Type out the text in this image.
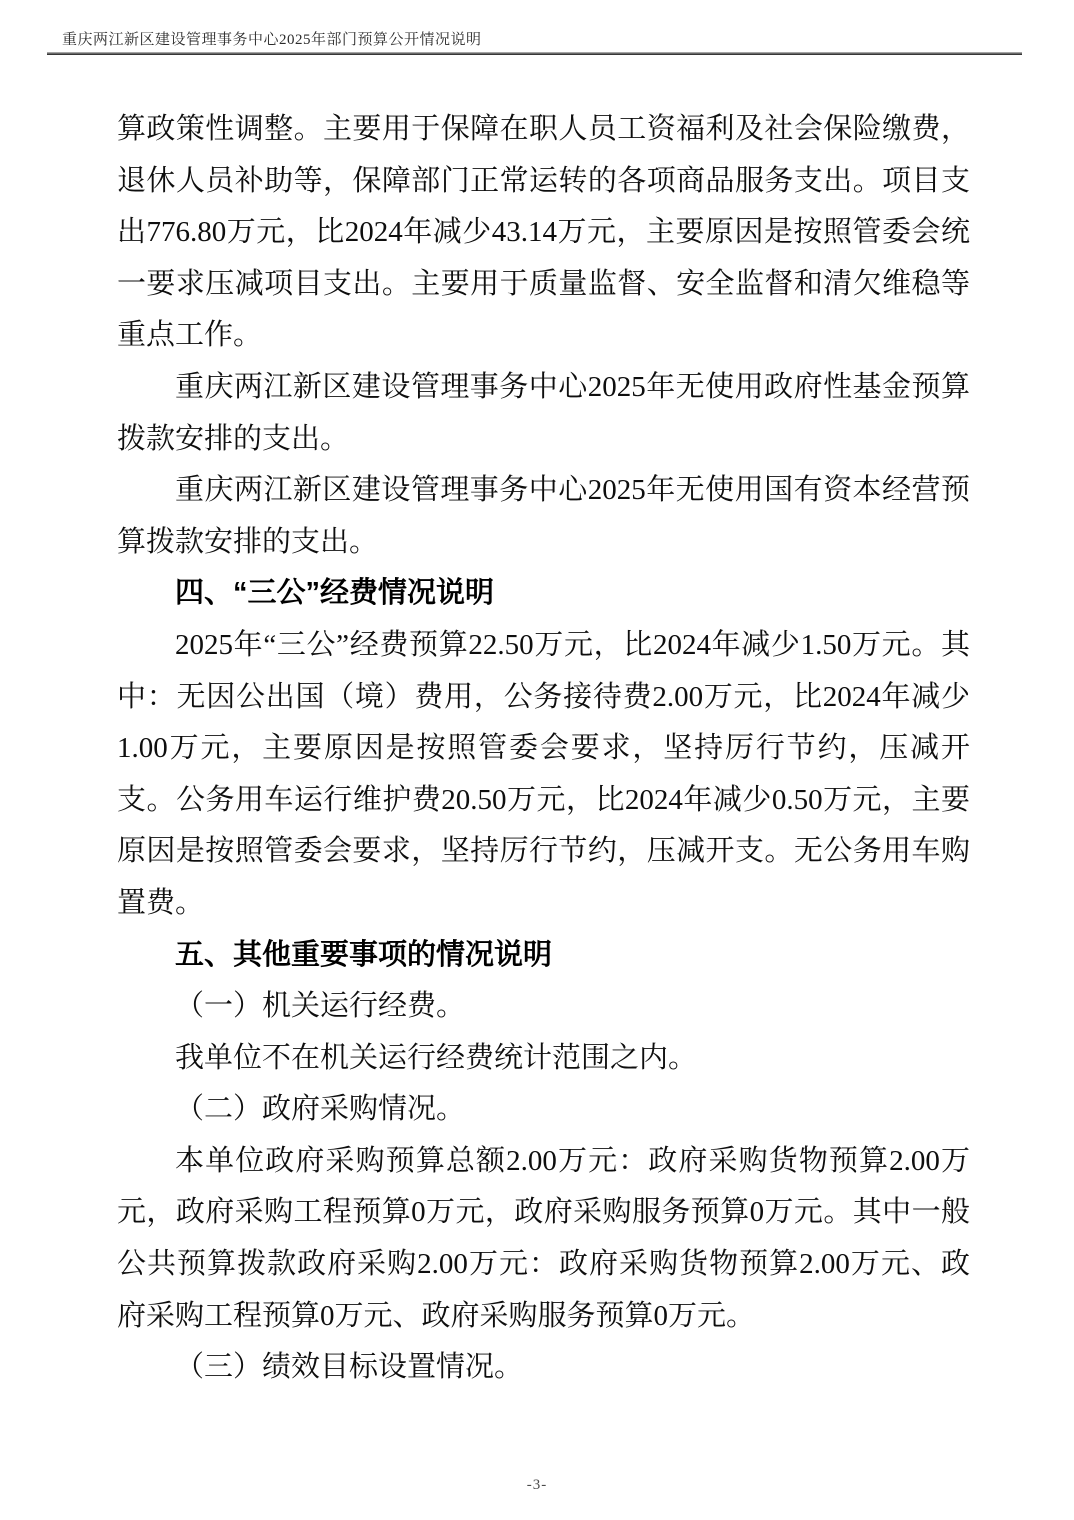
重庆两江新区建设管理事务中心2025年部门预算公开情况说明

算政策性调整。主要用于保障在职人员工资福利及社会保险缴费，退休人员补助等，保障部门正常运转的各项商品服务支出。项目支出776.80万元，比2024年减少43.14万元，主要原因是按照管委会统一要求压减项目支出。主要用于质量监督、安全监督和清欠维稳等重点工作。

重庆两江新区建设管理事务中心2025年无使用政府性基金预算拨款安排的支出。

重庆两江新区建设管理事务中心2025年无使用国有资本经营预算拨款安排的支出。

四、“三公”经费情况说明

2025年“三公”经费预算22.50万元，比2024年减少1.50万元。其中：无因公出国（境）费用，公务接待费2.00万元，比2024年减少1.00万元，主要原因是按照管委会要求，坚持厉行节约，压减开支。公务用车运行维护费20.50万元，比2024年减少0.50万元，主要原因是按照管委会要求，坚持厉行节约，压减开支。无公务用车购置费。

五、其他重要事项的情况说明

（一）机关运行经费。

我单位不在机关运行经费统计范围之内。

（二）政府采购情况。

本单位政府采购预算总额2.00万元：政府采购货物预算2.00万元，政府采购工程预算0万元，政府采购服务预算0万元。其中一般公共预算拨款政府采购2.00万元：政府采购货物预算2.00万元、政府采购工程预算0万元、政府采购服务预算0万元。

（三）绩效目标设置情况。

-3-
